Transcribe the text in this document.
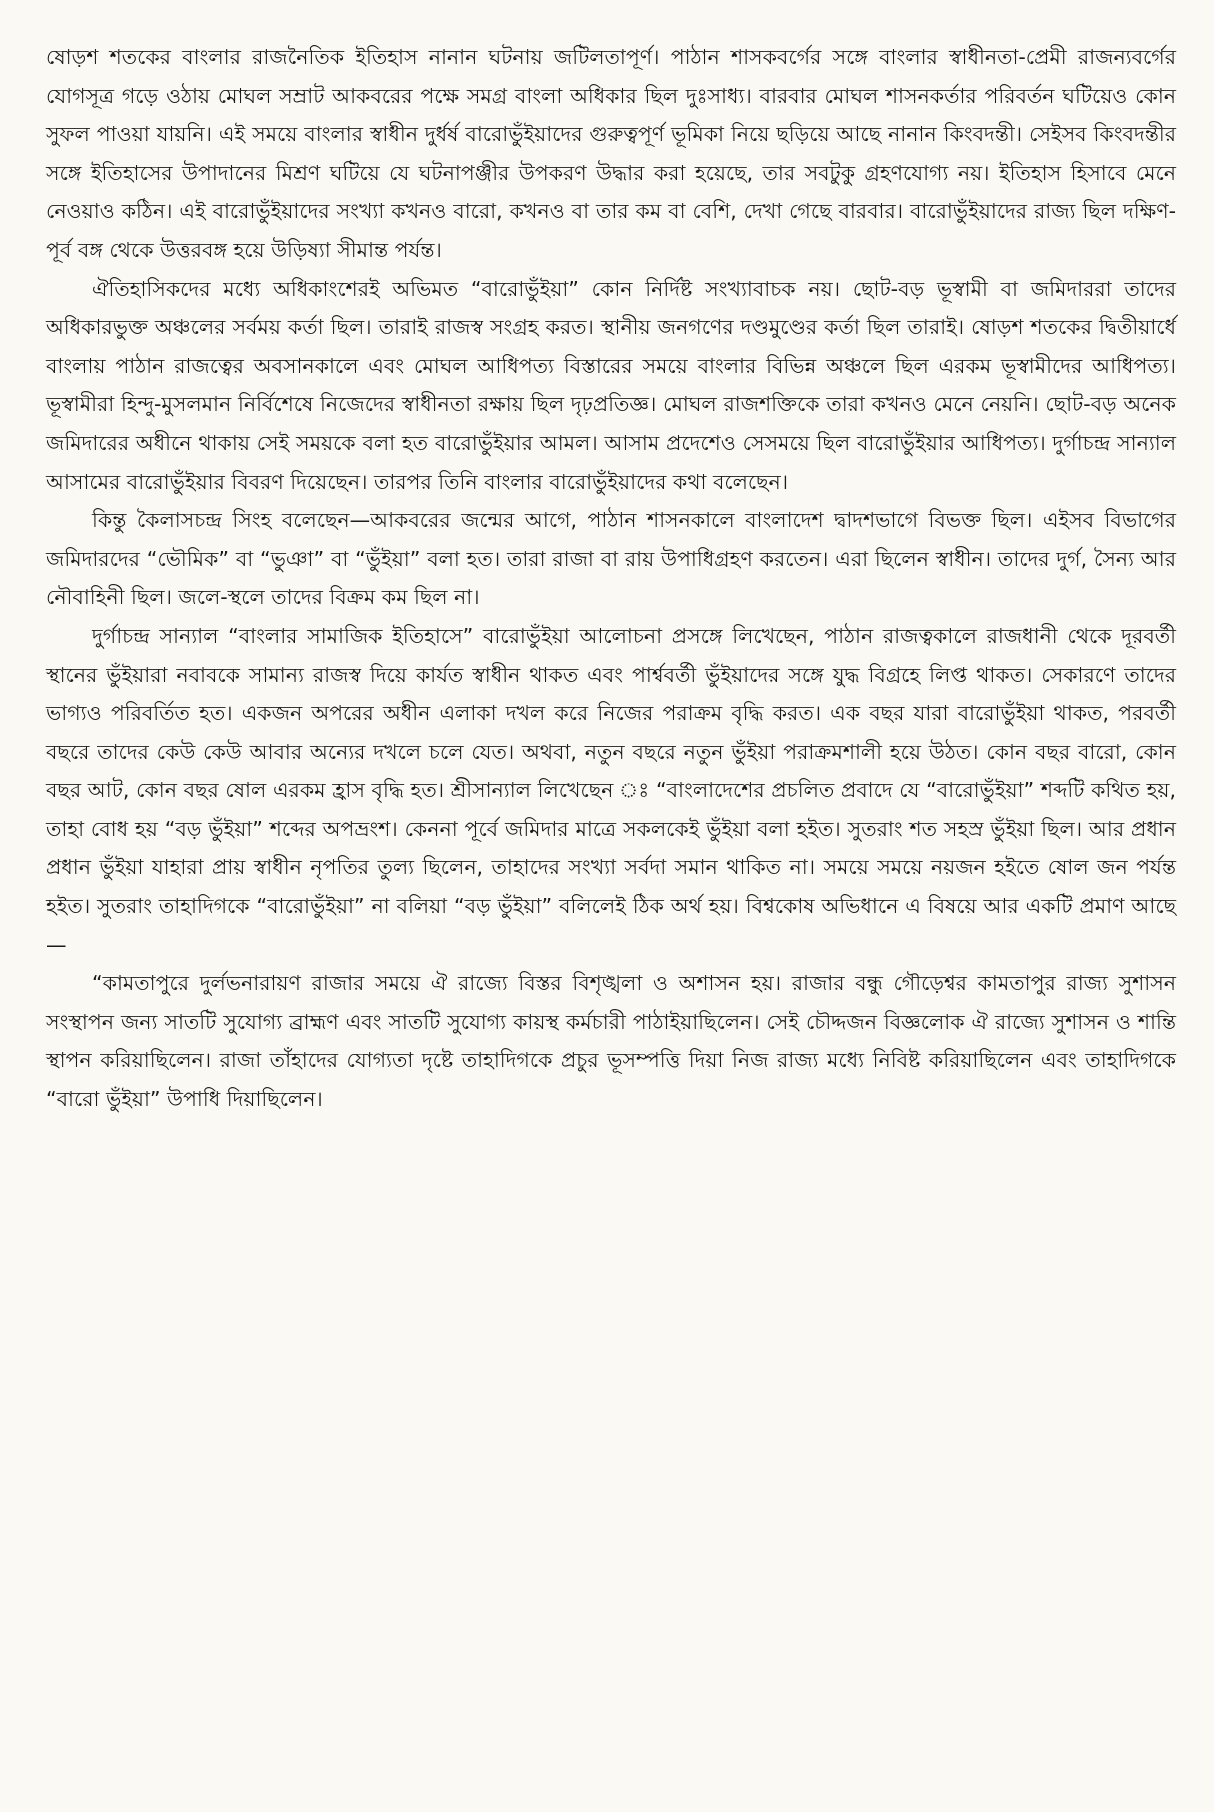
ষোড়শ শতকের বাংলার রাজনৈতিক ইতিহাস নানান ঘটনায় জটিলতাপূর্ণ। পাঠান শাসকবর্গের সঙ্গে বাংলার স্বাধীনতা-প্রেমী রাজন্যবর্গের যোগসূত্র গড়ে ওঠায় মোঘল সম্রাট আকবরের পক্ষে সমগ্র বাংলা অধিকার ছিল দুঃসাধ্য। বারবার মোঘল শাসনকর্তার পরিবর্তন ঘটিয়েও কোন সুফল পাওয়া যায়নি। এই সময়ে বাংলার স্বাধীন দুর্ধর্ষ বারোভুঁইয়াদের গুরুত্বপূর্ণ ভূমিকা নিয়ে ছড়িয়ে আছে নানান কিংবদন্তী। সেইসব কিংবদন্তীর সঙ্গে ইতিহাসের উপাদানের মিশ্রণ ঘটিয়ে যে ঘটনাপঞ্জীর উপকরণ উদ্ধার করা হয়েছে, তার সবটুকু গ্রহণযোগ্য নয়। ইতিহাস হিসাবে মেনে নেওয়াও কঠিন। এই বারোভুঁইয়াদের সংখ্যা কখনও বারো, কখনও বা তার কম বা বেশি, দেখা গেছে বারবার। বারোভুঁইয়াদের রাজ্য ছিল দক্ষিণ-পূর্ব বঙ্গ থেকে উত্তরবঙ্গ হয়ে উড়িষ্যা সীমান্ত পর্যন্ত।

ঐতিহাসিকদের মধ্যে অধিকাংশেরই অভিমত “বারোভুঁইয়া” কোন নির্দিষ্ট সংখ্যাবাচক নয়। ছোট-বড় ভূস্বামী বা জমিদাররা তাদের অধিকারভুক্ত অঞ্চলের সর্বময় কর্তা ছিল। তারাই রাজস্ব সংগ্রহ করত। স্থানীয় জনগণের দণ্ডমুণ্ডের কর্তা ছিল তারাই। ষোড়শ শতকের দ্বিতীয়ার্ধে বাংলায় পাঠান রাজত্বের অবসানকালে এবং মোঘল আধিপত্য বিস্তারের সময়ে বাংলার বিভিন্ন অঞ্চলে ছিল এরকম ভূস্বামীদের আধিপত্য। ভূস্বামীরা হিন্দু-মুসলমান নির্বিশেষে নিজেদের স্বাধীনতা রক্ষায় ছিল দৃঢ়প্রতিজ্ঞ। মোঘল রাজশক্তিকে তারা কখনও মেনে নেয়নি। ছোট-বড় অনেক জমিদারের অধীনে থাকায় সেই সময়কে বলা হত বারোভুঁইয়ার আমল। আসাম প্রদেশেও সেসময়ে ছিল বারোভুঁইয়ার আধিপত্য। দুর্গাচন্দ্র সান্যাল আসামের বারোভুঁইয়ার বিবরণ দিয়েছেন। তারপর তিনি বাংলার বারোভুঁইয়াদের কথা বলেছেন।

কিন্তু কৈলাসচন্দ্র সিংহ বলেছেন—আকবরের জন্মের আগে, পাঠান শাসনকালে বাংলাদেশ দ্বাদশভাগে বিভক্ত ছিল। এইসব বিভাগের জমিদারদের “ভৌমিক” বা “ভুঞা” বা “ভুঁইয়া” বলা হত। তারা রাজা বা রায় উপাধিগ্রহণ করতেন। এরা ছিলেন স্বাধীন। তাদের দুর্গ, সৈন্য আর নৌবাহিনী ছিল। জলে-স্থলে তাদের বিক্রম কম ছিল না।

দুর্গাচন্দ্র সান্যাল “বাংলার সামাজিক ইতিহাসে” বারোভুঁইয়া আলোচনা প্রসঙ্গে লিখেছেন, পাঠান রাজত্বকালে রাজধানী থেকে দূরবর্তী স্থানের ভুঁইয়ারা নবাবকে সামান্য রাজস্ব দিয়ে কার্যত স্বাধীন থাকত এবং পার্শ্ববর্তী ভুঁইয়াদের সঙ্গে যুদ্ধ বিগ্রহে লিপ্ত থাকত। সেকারণে তাদের ভাগ্যও পরিবর্তিত হত। একজন অপরের অধীন এলাকা দখল করে নিজের পরাক্রম বৃদ্ধি করত। এক বছর যারা বারোভুঁইয়া থাকত, পরবর্তী বছরে তাদের কেউ কেউ আবার অন্যের দখলে চলে যেত। অথবা, নতুন বছরে নতুন ভুঁইয়া পরাক্রমশালী হয়ে উঠত। কোন বছর বারো, কোন বছর আট, কোন বছর ষোল এরকম হ্রাস বৃদ্ধি হত। শ্রীসান্যাল লিখেছেন ঃ “বাংলাদেশের প্রচলিত প্রবাদে যে “বারোভুঁইয়া” শব্দটি কথিত হয়, তাহা বোধ হয় “বড় ভুঁইয়া” শব্দের অপভ্রংশ। কেননা পূর্বে জমিদার মাত্রে সকলকেই ভুঁইয়া বলা হইত। সুতরাং শত সহস্র ভুঁইয়া ছিল। আর প্রধান প্রধান ভুঁইয়া যাহারা প্রায় স্বাধীন নৃপতির তুল্য ছিলেন, তাহাদের সংখ্যা সর্বদা সমান থাকিত না। সময়ে সময়ে নয়জন হইতে ষোল জন পর্যন্ত হইত। সুতরাং তাহাদিগকে “বারোভুঁইয়া” না বলিয়া “বড় ভুঁইয়া” বলিলেই ঠিক অর্থ হয়। বিশ্বকোষ অভিধানে এ বিষয়ে আর একটি প্রমাণ আছে—

“কামতাপুরে দুর্লভনারায়ণ রাজার সময়ে ঐ রাজ্যে বিস্তর বিশৃঙ্খলা ও অশাসন হয়। রাজার বন্ধু গৌড়েশ্বর কামতাপুর রাজ্য সুশাসন সংস্থাপন জন্য সাতটি সুযোগ্য ব্রাহ্মণ এবং সাতটি সুযোগ্য কায়স্থ কর্মচারী পাঠাইয়াছিলেন। সেই চৌদ্দজন বিজ্ঞলোক ঐ রাজ্যে সুশাসন ও শান্তি স্থাপন করিয়াছিলেন। রাজা তাঁহাদের যোগ্যতা দৃষ্টে তাহাদিগকে প্রচুর ভূসম্পত্তি দিয়া নিজ রাজ্য মধ্যে নিবিষ্ট করিয়াছিলেন এবং তাহাদিগকে “বারো ভুঁইয়া” উপাধি দিয়াছিলেন।
